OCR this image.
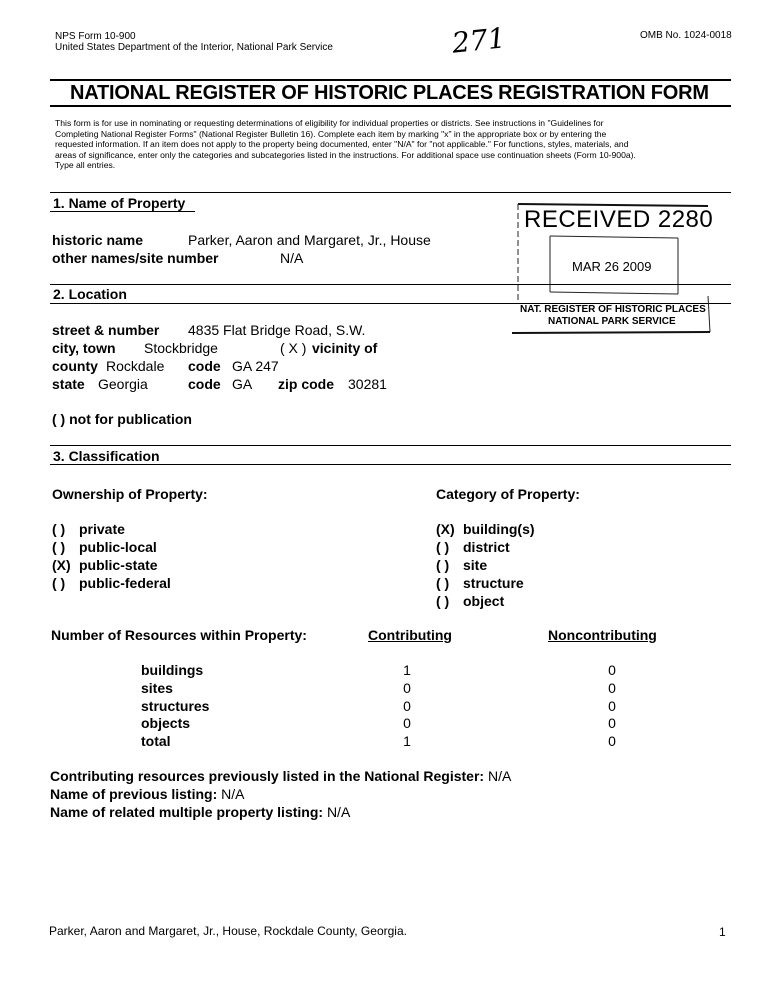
NPS Form 10-900
United States Department of the Interior, National Park Service	271	OMB No. 1024-0018
NATIONAL REGISTER OF HISTORIC PLACES REGISTRATION FORM
This form is for use in nominating or requesting determinations of eligibility for individual properties or districts. See instructions in "Guidelines for
Completing National Register Forms" (National Register Bulletin 16). Complete each item by marking "x" in the appropriate box or by entering the
requested information. If an item does not apply to the property being documented, enter "N/A" for "not applicable." For functions, styles, materials, and
areas of significance, enter only the categories and subcategories listed in the instructions. For additional space use continuation sheets (Form 10-900a).
Type all entries.
1. Name of Property
historic name	Parker, Aaron and Margaret, Jr., House
other names/site number	N/A
2. Location
street & number 4835 Flat Bridge Road, S.W.
city, town Stockbridge	( X ) vicinity of
county Rockdale code GA 247
state Georgia	code GA zip code 30281
( ) not for publication
RECEIVED 2280
MAR 26 2009
NAT. REGISTER OF HISTORIC PLACES
NATIONAL PARK SERVICE
3. Classification
Ownership of Property:	Category of Property:
( ) private
( ) public-local
(X) public-state
( ) public-federal
(X) building(s)
( ) district
( ) site
( ) structure
( ) object
Number of Resources within Property:	Contributing	Noncontributing
buildings	1	0
sites	0	0
structures	0	0
objects	0	0
total	1	0
Contributing resources previously listed in the National Register: N/A
Name of previous listing: N/A
Name of related multiple property listing: N/A
Parker, Aaron and Margaret, Jr., House, Rockdale County, Georgia.	1
